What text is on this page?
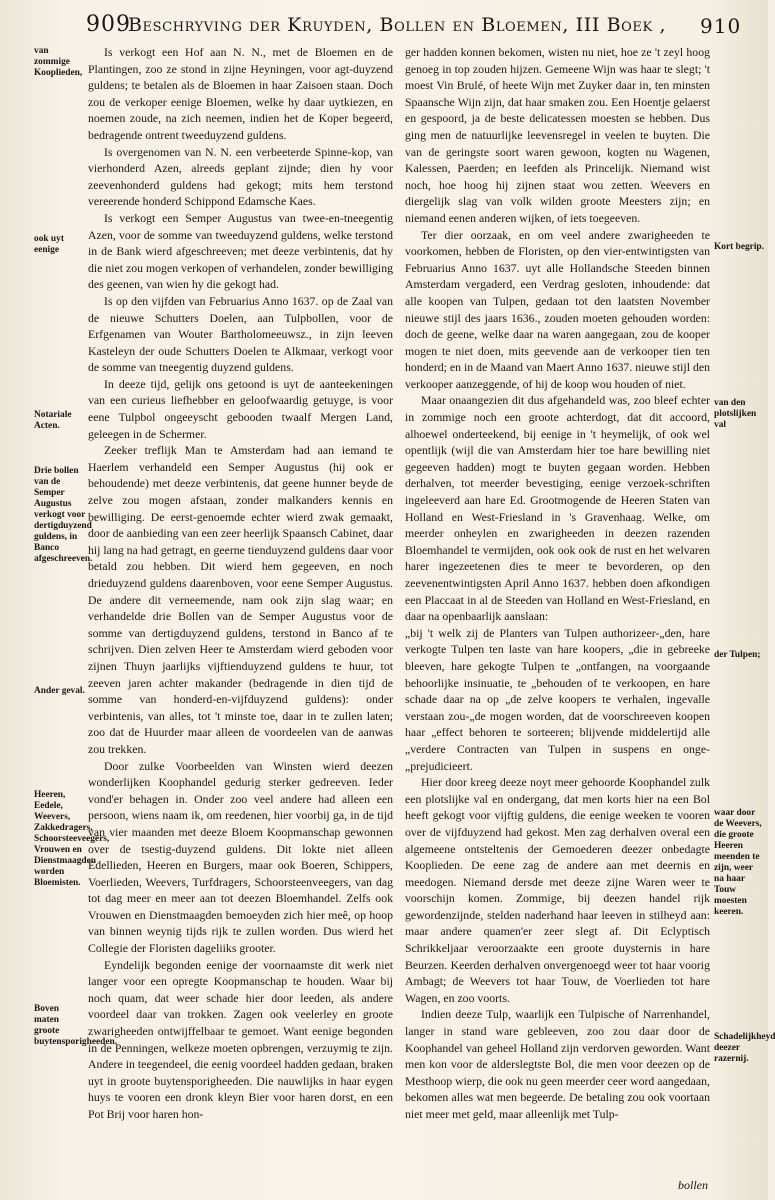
909
Beschryving der Kruyden, Bollen en Bloemen, III Boek ,	910
van zommige Kooplieden,
ook uyt eenige
Notariale Acten.
Drie bollen van de Semper Augustus verkogt voor dertigduyzend guldens, in Banco afgeschreeven.
Ander geval.
Heeren, Eedele, Weevers, Zakkedragers, Schoorsteeveegers, Vrouwen en Dienstmaagden worden Bloemisten.
Boven maten groote buytensporigheeden.

Is verkogt een Hof aan N. N., met de Bloemen en de Plantingen, zoo ze stond in zijne Heyningen, voor agt-duyzend guldens; te betalen als de Bloemen in haar Zaisoen staan. Doch zou de verkoper eenige Bloemen, welke hy daar uytkiezen, en noemen zoude, na zich neemen, indien het de Koper begeerd, bedragende ontrent tweeduyzend guldens.

Is overgenomen van N. N. een verbeeterde Spinne-kop, van vierhonderd Azen, alreeds geplant zijnde; dien hy voor zeevenhonderd guldens had gekogt; mits hem terstond vereerende honderd Schippond Edamsche Kaes.

Is verkogt een Semper Augustus van twee-en-tneegentig Azen, voor de somme van tweeduyzend guldens, welke terstond in de Bank wierd afgeschreeven; met deeze verbintenis, dat hy die niet zou mogen verkopen of verhandelen, zonder bewilliging des geenen, van wien hy die gekogt had.

Is op den vijfden van Februarius Anno 1637. op de Zaal van de nieuwe Schutters Doelen, aan Tulpbollen, voor de Erfgenamen van Wouter Bartholomeeuwsz., in zijn leeven Kasteleyn der oude Schutters Doelen te Alkmaar, verkogt voor de somme van tneegentig duyzend guldens.

In deeze tijd, gelijk ons getoond is uyt de aanteekeningen van een curieus liefhebber en geloofwaardig getuyge, is voor eene Tulpbol ongeeyscht gebooden twaalf Mergen Land, geleegen in de Schermer.

Zeeker treflijk Man te Amsterdam had aan iemand te Haerlem verhandeld een Semper Augustus (hij ook er behoudende) met deeze verbintenis, dat geene hunner beyde de zelve zou mogen afstaan, zonder malkanders kennis en bewilliging. De eerst-genoemde echter wierd zwak gemaakt, door de aanbieding van een zeer heerlijk Spaansch Cabinet, daar hij lang na had getragt, en geerne tienduyzend guldens daar voor betald zou hebben. Dit wierd hem gegeeven, en noch drieduyzend guldens daarenboven, voor eene Semper Augustus. De andere dit verneemende, nam ook zijn slag waar; en verhandelde drie Bollen van de Semper Augustus voor de somme van dertigduyzend guldens, terstond in Banco af te schrijven. Dien zelven Heer te Amsterdam wierd geboden voor zijnen Thuyn jaarlijks vijftienduyzend guldens te huur, tot zeeven jaren achter makander (bedragende in dien tijd de somme van honderd-en-vijfduyzend guldens): onder verbintenis, van alles, tot 't minste toe, daar in te zullen laten; zoo dat de Huurder maar alleen de voordeelen van de aanwas zou trekken.

Door zulke Voorbeelden van Winsten wierd deezen wonderlijken Koophandel gedurig sterker gedreeven. Ieder vond'er behagen in. Onder zoo veel andere had alleen een persoon, wiens naam ik, om reedenen, hier voorbij ga, in de tijd van vier maanden met deeze Bloem Koopmanschap gewonnen over de tsestig-duyzend guldens. Dit lokte niet alleen Edellieden, Heeren en Burgers, maar ook Boeren, Schippers, Voerlieden, Weevers, Turfdragers, Schoorsteenveegers, van dag tot dag meer en meer aan tot deezen Bloemhandel. Zelfs ook Vrouwen en Dienstmaagden bemoeyden zich hier meê, op hoop van binnen weynig tijds rijk te zullen worden. Dus wierd het Collegie der Floristen dageliiks grooter.

Eyndelijk begonden eenige der voornaamste dit werk niet langer voor een opregte Koopmanschap te houden. Waar bij noch quam, dat weer schade hier door leeden, als andere voordeel daar van trokken. Zagen ook veelerley en groote zwarigheeden ontwijffelbaar te gemoet. Want eenige begonden in de Penningen, welkeze moeten opbrengen, verzuymig te zijn. Andere in teegendeel, die eenig voordeel hadden gedaan, braken uyt in groote buytensporigheeden. Die nauwlijks in haar eygen huys te vooren een dronk kleyn Bier voor haren dorst, en een Pot Brij voor haren hon-

ger hadden konnen bekomen, wisten nu niet, hoe ze 't zeyl hoog genoeg in top zouden hijzen. Gemeene Wijn was haar te slegt; 't moest Vin Brulé, of heete Wijn met Zuyker daar in, ten minsten Spaansche Wijn zijn, dat haar smaken zou. Een Hoentje gelaerst en gespoord, ja de beste delicatessen moesten se hebben. Dus ging men de natuurlijke leevensregel in veelen te buyten. Die van de geringste soort waren gewoon, kogten nu Wagenen, Kalessen, Paerden; en leefden als Princelijk. Niemand wist noch, hoe hoog hij zijnen staat wou zetten. Weevers en diergelijk slag van volk wilden groote Meesters zijn; en niemand eenen anderen wijken, of iets toegeeven.

Ter dier oorzaak, en om veel andere zwarigheeden te voorkomen, hebben de Floristen, op den vier-entwintigsten van Februarius Anno 1637. uyt alle Hollandsche Steeden binnen Amsterdam vergaderd, een Verdrag gesloten, inhoudende: dat alle koopen van Tulpen, gedaan tot den laatsten November nieuwe stijl des jaars 1636., zouden moeten gehouden worden: doch de geene, welke daar na waren aangegaan, zou de kooper mogen te niet doen, mits geevende aan de verkooper tien ten honderd; en in de Maand van Maert Anno 1637. nieuwe stijl den verkooper aanzeggende, of hij de koop wou houden of niet.

Maar onaangezien dit dus afgehandeld was, zoo bleef echter in zommige noch een groote achterdogt, dat dit accoord, alhoewel onderteekend, bij eenige in 't heymelijk, of ook wel opentlijk (wijl die van Amsterdam hier toe hare bewilling niet gegeeven hadden) mogt te buyten gegaan worden. Hebben derhalven, tot meerder bevestiging, eenige verzoek-schriften ingeleeverd aan hare Ed. Grootmogende de Heeren Staten van Holland en West-Friesland in 's Gravenhaag. Welke, om meerder onheylen en zwarigheeden in deezen razenden Bloemhandel te vermijden, ook ook ook de rust en het welvaren harer ingezeetenen dies te meer te bevorderen, op den zeevenentwintigsten April Anno 1637. hebben doen afkondigen een Placcaat in al de Steeden van Holland en West-Friesland, en daar na openbaarlijk aanslaan:

„bij 't welk zij de Planters van Tulpen authorizeer-„den, hare verkogte Tulpen ten laste van hare koopers, „die in gebreeke bleeven, hare gekogte Tulpen te „ontfangen, na voorgaande behoorlijke insinuatie, te „behouden of te verkoopen, en hare schade daar na op „de zelve koopers te verhalen, ingevalle verstaan zou-„de mogen worden, dat de voorschreeven koopen haar „effect behoren te sorteeren; blijvende middelertijd alle „verdere Contracten van Tulpen in suspens en onge-„prejudicieert.

Hier door kreeg deeze noyt meer gehoorde Koophandel zulk een plotslijke val en ondergang, dat men korts hier na een Bol heeft gekogt voor vijftig guldens, die eenige weeken te vooren over de vijfduyzend had gekost. Men zag derhalven overal een algemeene ontsteltenis der Gemoederen deezer onbedagte Kooplieden. De eene zag de andere aan met deernis en meedogen. Niemand dersde met deeze zijne Waren weer te voorschijn komen. Zommige, bij deezen handel rijk gewordenzijnde, stelden naderhand haar leeven in stilheyd aan: maar andere quamen'er zeer slegt af. Dit Eclyptisch Schrikkeljaar veroorzaakte een groote duysternis in hare Beurzen. Keerden derhalven onvergenoegd weer tot haar voorig Ambagt; de Weevers tot haar Touw, de Voerlieden tot hare Wagen, en zoo voorts.

Indien deeze Tulp, waarlijk een Tulpische of Narrenhandel, langer in stand ware gebleeven, zoo zou daar door de Koophandel van geheel Holland zijn verdorven geworden. Want men kon voor de alderslegtste Bol, die men voor deezen op de Mesthoop wierp, die ook nu geen meerder ceer word aangedaan, bekomen alles wat men begeerde. De betaling zou ook voortaan niet meer met geld, maar alleenlijk met Tulp-

Kort begrip.
van den plotslijken val
der Tulpen;
waar door de Weevers, die groote Heeren meenden te zijn, weer na haar Touw moesten keeren.
Schadelijkheyd deezer razernij.
bollen
